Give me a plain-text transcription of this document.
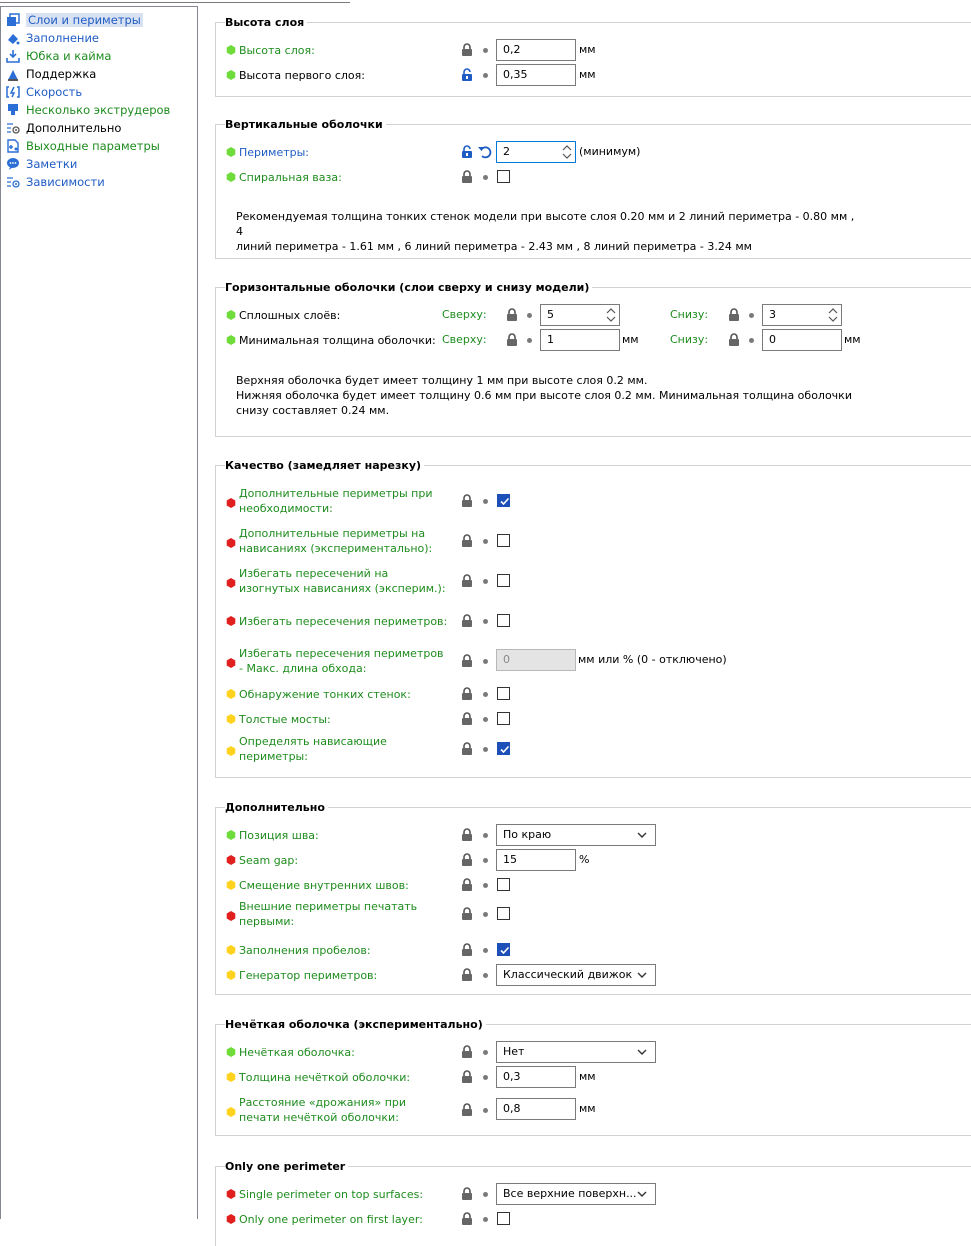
Слои и периметры
Заполнение
Юбка и кайма
Поддержка
Скорость
Несколько экструдеров
Дополнительно
Выходные параметры
Заметки
Зависимости
Высота слоя
Высота слоя:	0,2	мм
Высота первого слоя:	0,35	мм
Вертикальные оболочки
Периметры:	2	(минимум)
Спиральная ваза:
Рекомендуемая толщина тонких стенок модели при высоте слоя 0.20 мм и 2 линий периметра - 0.80 мм , 4
линий периметра - 1.61 мм , 6 линий периметра - 2.43 мм , 8 линий периметра - 3.24 мм
Горизонтальные оболочки (слои сверху и снизу модели)
Сплошных слоёв:	Сверху:	5	Снизу:	3
Минимальная толщина оболочки: Сверху:	1	мм	Снизу:	0	мм
Верхняя оболочка будет имеет толщину 1 мм при высоте слоя 0.2 мм.
Нижняя оболочка будет имеет толщину 0.6 мм при высоте слоя 0.2 мм. Минимальная толщина оболочки
снизу составляет 0.24 мм.
Качество (замедляет нарезку)
Дополнительные периметры при
необходимости:
Дополнительные периметры на
нависаниях (экспериментально):
Избегать пересечений на
изогнутых нависаниях (эксперим.):
Избегать пересечения периметров:
Избегать пересечения периметров
- Макс. длина обхода:
0	мм или % (0 - отключено)
Обнаружение тонких стенок:
Толстые мосты:
Определять нависающие
периметры:
Дополнительно
Позиция шва:	По краю
Seam gap:	15	%
Смещение внутренних швов:
Внешние периметры печатать
первыми:
Заполнения пробелов:
Генератор периметров:	Классический движок
Нечёткая оболочка (экспериментально)
Нечёткая оболочка:	Нет
Толщина нечёткой оболочки:	0,3	мм
Расстояние «дрожания» при
печати нечёткой оболочки:
0,8	мм
Only one perimeter
Single perimeter on top surfaces:	Все верхние поверхн...
Only one perimeter on first layer:
